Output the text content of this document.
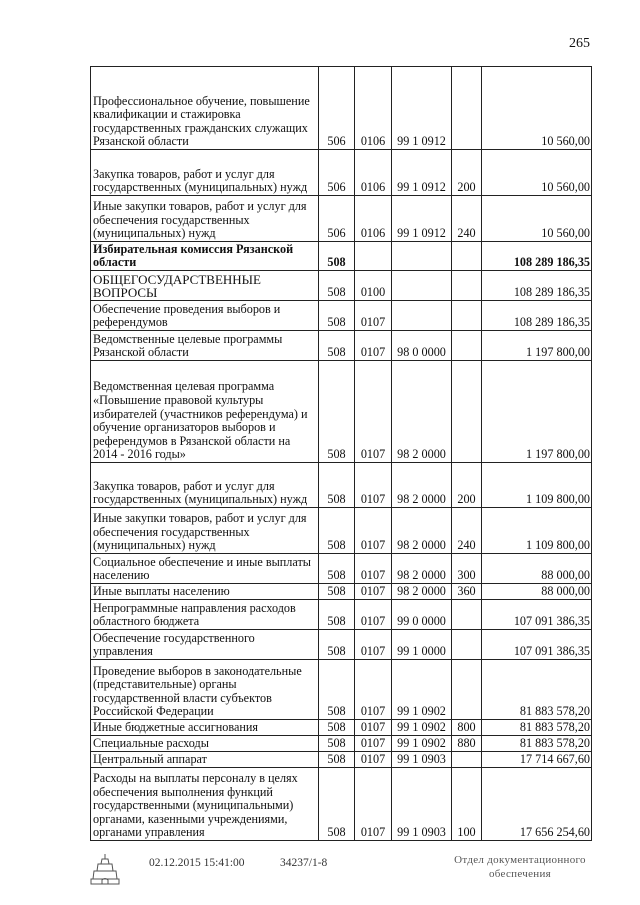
265
Профессиональное обучение, повышение квалификации и стажировка государственных гражданских служащих Рязанской области	506	0106	99 1 0912		10 560,00
Закупка товаров, работ и услуг для государственных (муниципальных) нужд	506	0106	99 1 0912	200	10 560,00
Иные закупки товаров, работ и услуг для обеспечения государственных (муниципальных) нужд	506	0106	99 1 0912	240	10 560,00
Избирательная комиссия Рязанской области	508				108 289 186,35
ОБЩЕГОСУДАРСТВЕННЫЕ ВОПРОСЫ	508	0100			108 289 186,35
Обеспечение проведения выборов и референдумов	508	0107			108 289 186,35
Ведомственные целевые программы Рязанской области	508	0107	98 0 0000		1 197 800,00
Ведомственная целевая программа «Повышение правовой культуры избирателей (участников референдума) и обучение организаторов выборов и референдумов в Рязанской области на 2014 - 2016 годы»	508	0107	98 2 0000		1 197 800,00
Закупка товаров, работ и услуг для государственных (муниципальных) нужд	508	0107	98 2 0000	200	1 109 800,00
Иные закупки товаров, работ и услуг для обеспечения государственных (муниципальных) нужд	508	0107	98 2 0000	240	1 109 800,00
Социальное обеспечение и иные выплаты населению	508	0107	98 2 0000	300	88 000,00
Иные выплаты населению	508	0107	98 2 0000	360	88 000,00
Непрограммные направления расходов областного бюджета	508	0107	99 0 0000		107 091 386,35
Обеспечение государственного управления	508	0107	99 1 0000		107 091 386,35
Проведение выборов в законодательные (представительные) органы государственной власти субъектов Российской Федерации	508	0107	99 1 0902		81 883 578,20
Иные бюджетные ассигнования	508	0107	99 1 0902	800	81 883 578,20
Специальные расходы	508	0107	99 1 0902	880	81 883 578,20
Центральный аппарат	508	0107	99 1 0903		17 714 667,60
Расходы на выплаты персоналу в целях обеспечения выполнения функций государственными (муниципальными) органами, казенными учреждениями, органами управления	508	0107	99 1 0903	100	17 656 254,60
02.12.2015 15:41:00	34237/1-8	Отдел документационного обеспечения
